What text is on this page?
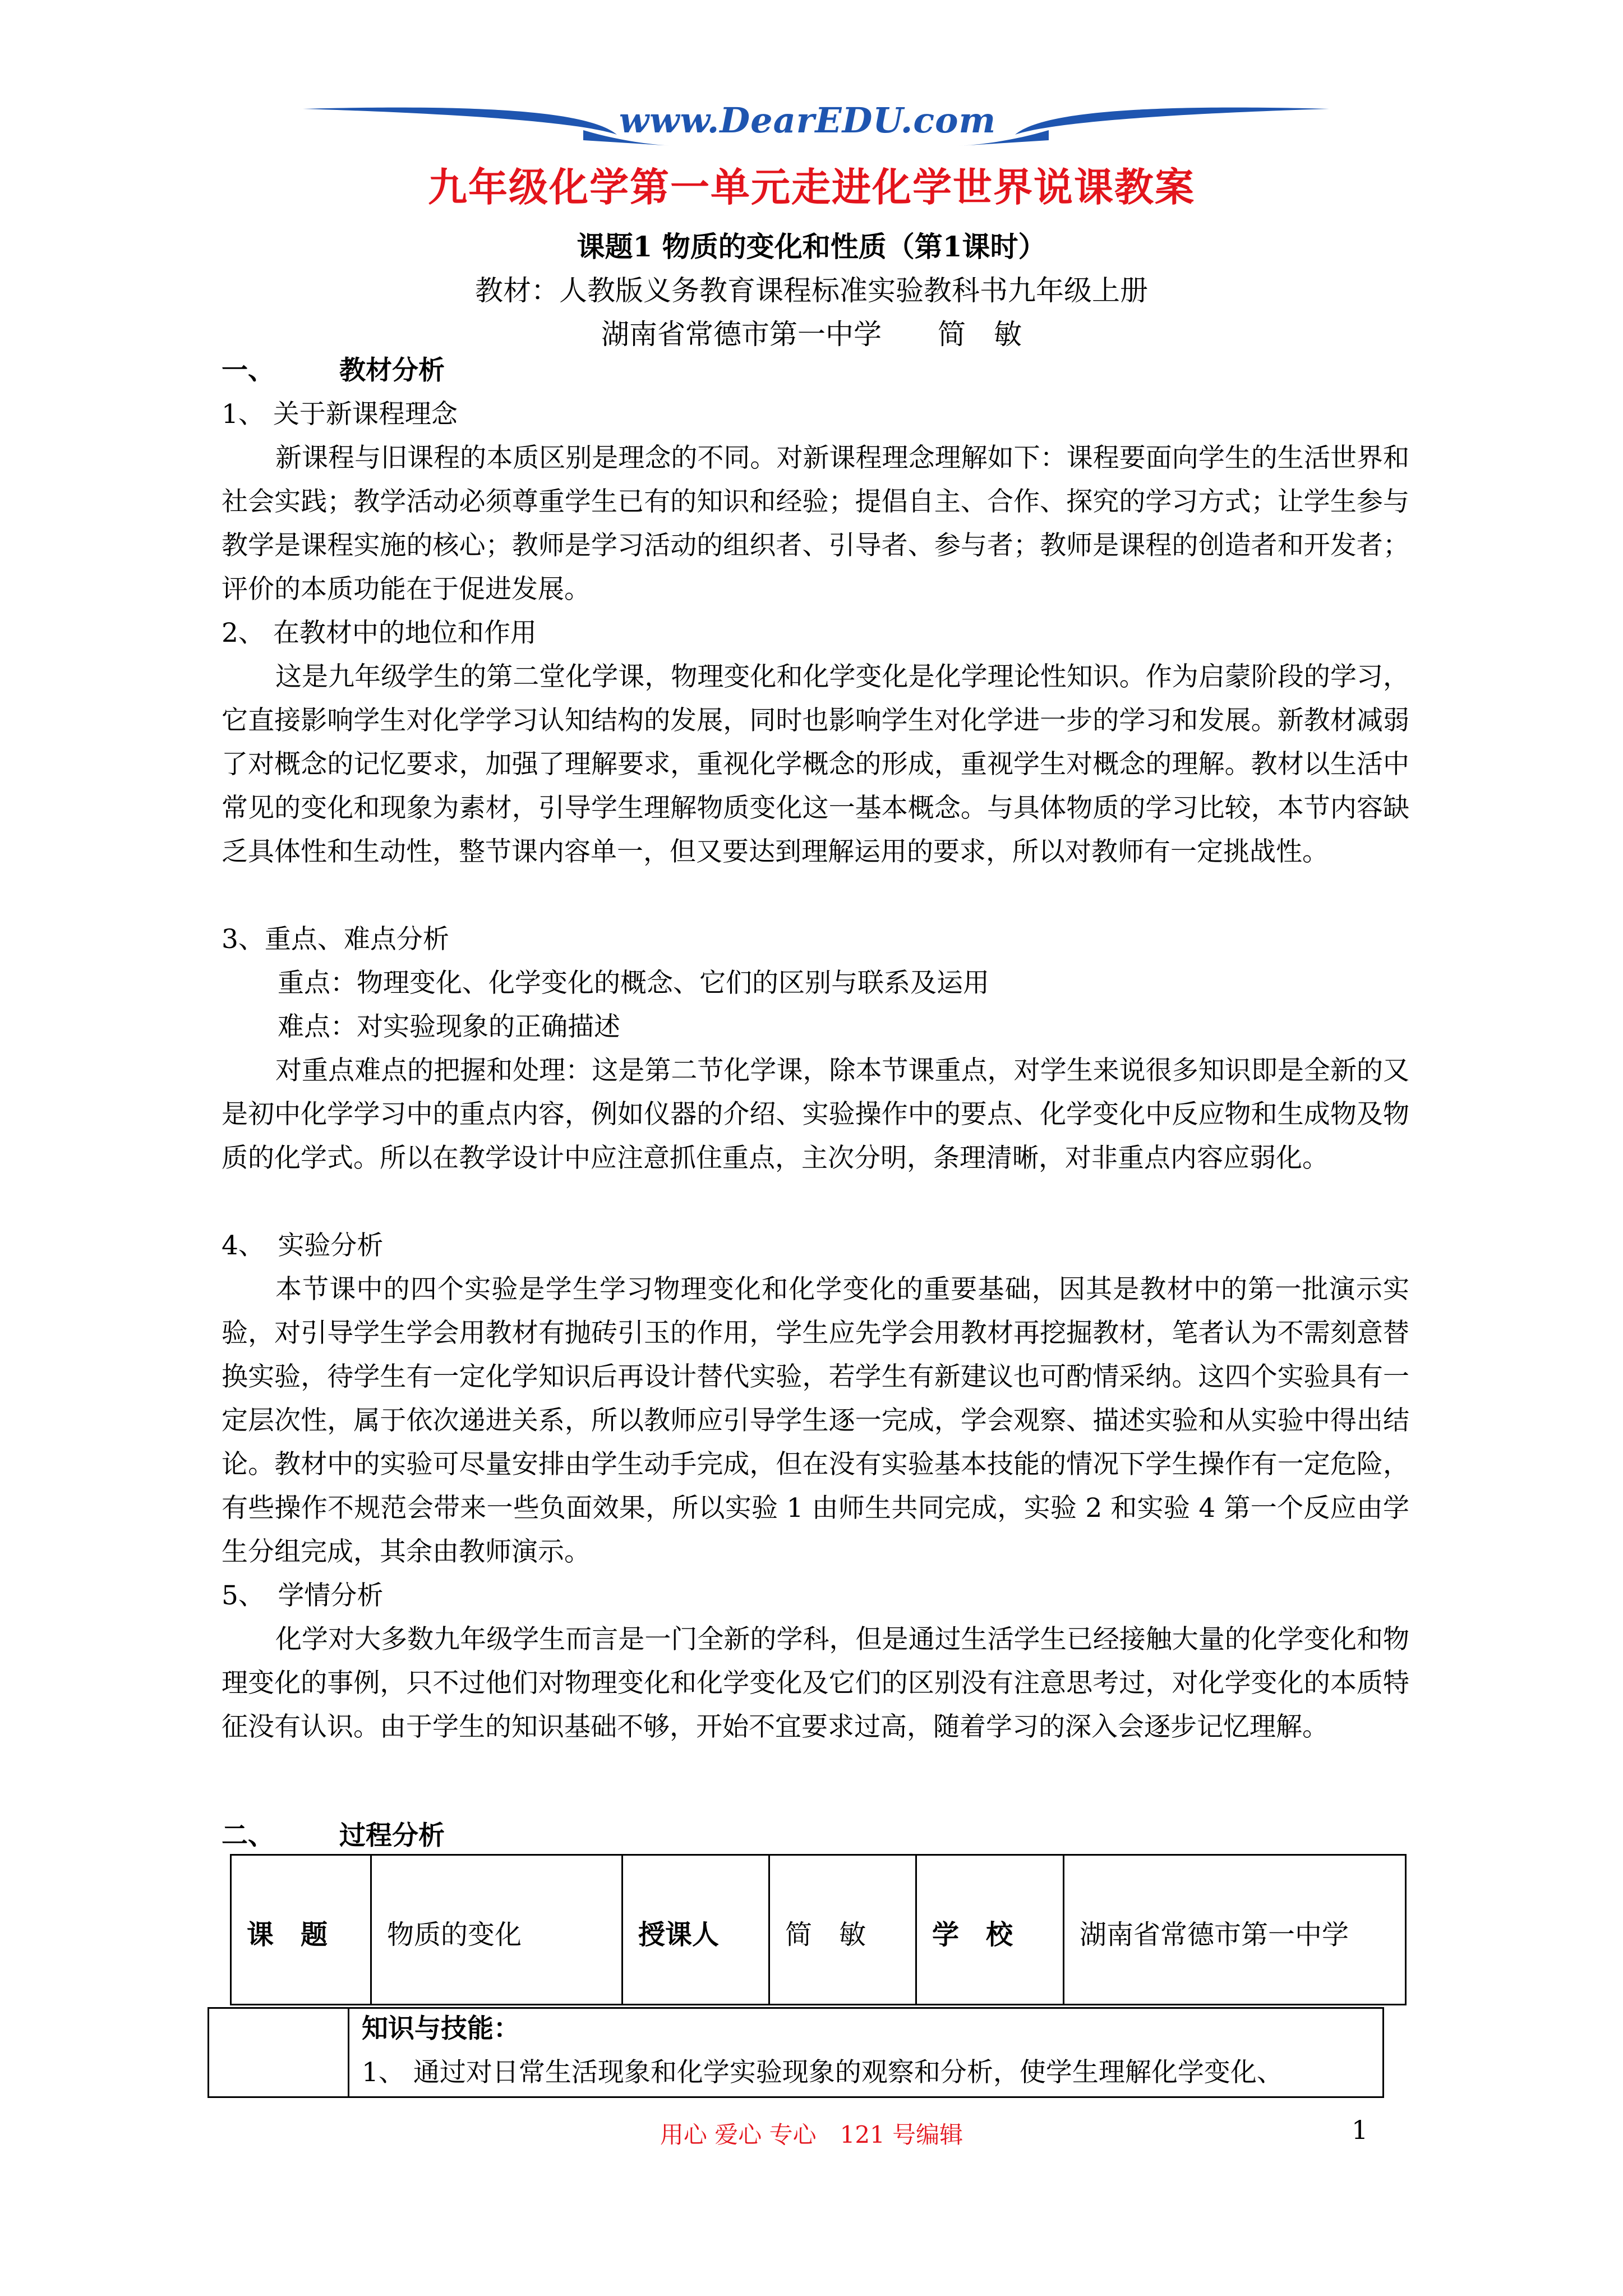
www.DearEDU.com
九年级化学第一单元走进化学世界说课教案
课题1 物质的变化和性质（第1课时）
教材：人教版义务教育课程标准实验教科书九年级上册
湖南省常德市第一中学　　简　敏
一、 教材分析
1、 关于新课程理念
新课程与旧课程的本质区别是理念的不同。对新课程理念理解如下：课程要面向学生的生活世界和社会实践；教学活动必须尊重学生已有的知识和经验；提倡自主、合作、探究的学习方式；让学生参与教学是课程实施的核心；教师是学习活动的组织者、引导者、参与者；教师是课程的创造者和开发者；评价的本质功能在于促进发展。
2、 在教材中的地位和作用
这是九年级学生的第二堂化学课，物理变化和化学变化是化学理论性知识。作为启蒙阶段的学习，它直接影响学生对化学学习认知结构的发展，同时也影响学生对化学进一步的学习和发展。新教材减弱了对概念的记忆要求，加强了理解要求，重视化学概念的形成，重视学生对概念的理解。教材以生活中常见的变化和现象为素材，引导学生理解物质变化这一基本概念。与具体物质的学习比较，本节内容缺乏具体性和生动性，整节课内容单一，但又要达到理解运用的要求，所以对教师有一定挑战性。
3、重点、难点分析
重点：物理变化、化学变化的概念、它们的区别与联系及运用
难点：对实验现象的正确描述
对重点难点的把握和处理：这是第二节化学课，除本节课重点，对学生来说很多知识即是全新的又是初中化学学习中的重点内容，例如仪器的介绍、实验操作中的要点、化学变化中反应物和生成物及物质的化学式。所以在教学设计中应注意抓住重点，主次分明，条理清晰，对非重点内容应弱化。
4、　实验分析
本节课中的四个实验是学生学习物理变化和化学变化的重要基础，因其是教材中的第一批演示实验，对引导学生学会用教材有抛砖引玉的作用，学生应先学会用教材再挖掘教材，笔者认为不需刻意替换实验，待学生有一定化学知识后再设计替代实验，若学生有新建议也可酌情采纳。这四个实验具有一定层次性，属于依次递进关系，所以教师应引导学生逐一完成，学会观察、描述实验和从实验中得出结论。教材中的实验可尽量安排由学生动手完成，但在没有实验基本技能的情况下学生操作有一定危险，有些操作不规范会带来一些负面效果，所以实验 1 由师生共同完成，实验 2 和实验 4 第一个反应由学生分组完成，其余由教师演示。
5、　学情分析
化学对大多数九年级学生而言是一门全新的学科，但是通过生活学生已经接触大量的化学变化和物理变化的事例，只不过他们对物理变化和化学变化及它们的区别没有注意思考过，对化学变化的本质特征没有认识。由于学生的知识基础不够，开始不宜要求过高，随着学习的深入会逐步记忆理解。
二、 过程分析
课　题 物质的变化	授课人 简　敏 学　校 湖南省常德市第一中学
知识与技能：
1、 通过对日常生活现象和化学实验现象的观察和分析，使学生理解化学变化、
用心 爱心 专心　121 号编辑	1
